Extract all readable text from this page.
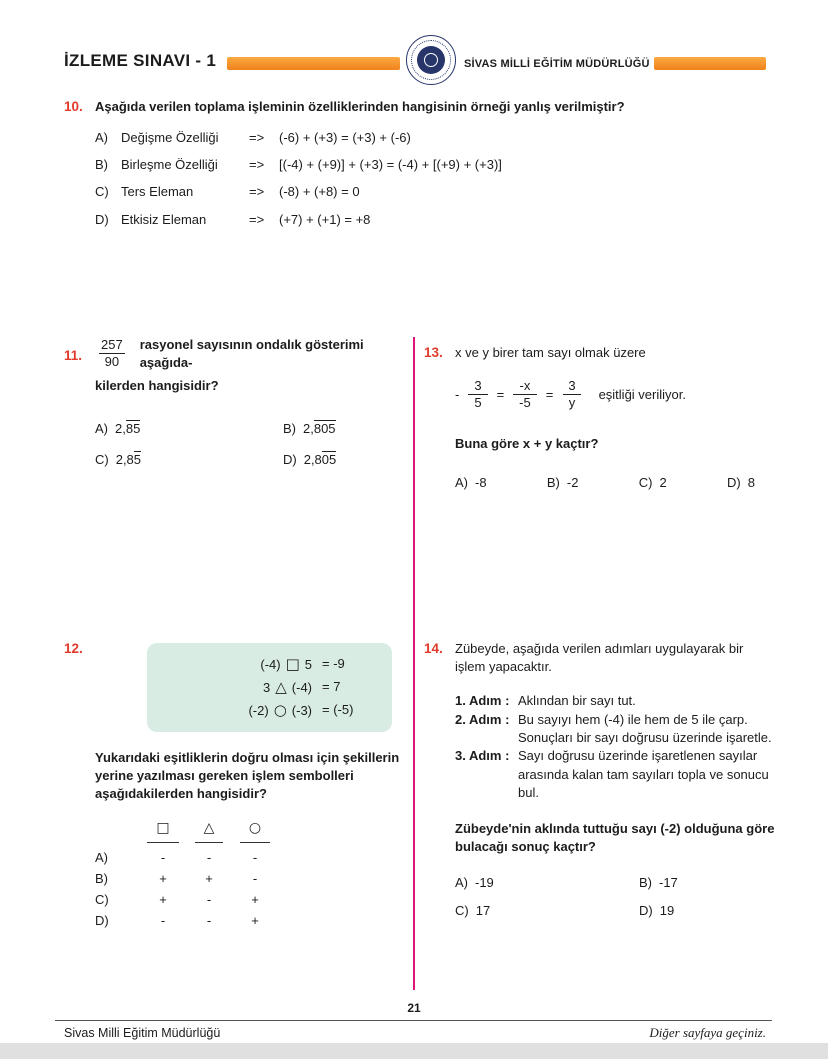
İZLEME SINAVI - 1	SİVAS MİLLİ EĞİTİM MÜDÜRLÜĞÜ
10. Aşağıda verilen toplama işleminin özelliklerinden hangisinin örneği yanlış verilmiştir?
A)	Değişme Özelliği	=>	(-6) + (+3) = (+3) + (-6)
B)	Birleşme Özelliği	=>	[(-4) + (+9)] + (+3) = (-4) + [(+9) + (+3)]
C) Ters Eleman	=>	(-8) + (+8) = 0
D) Etkisiz Eleman	=>	(+7) + (+1) = +8
11. $\frac{257}{90}$ rasyonel sayısının ondalık gösterimi aşağıda-
kilerden hangisidir?
A) 2,85	B) 2,805
C) 2,85	D) 2,805
13. x ve y birer tam sayı olmak üzere
- $\frac{3}{5} = \frac{-x}{-5} = \frac{3}{y}$ eşitliği veriliyor.
Buna göre x + y kaçtır?
A) -8	B) -2	C) 2	D) 8
12.
(-4) □ 5 = -9
3 △ (-4) = 7
(-2) ○ (-3) = (-5)
Yukarıdaki eşitliklerin doğru olması için şekillerin yerine yazılması gereken işlem sembolleri aşağıdakilerden hangisidir?
□	△	○
A)	-	-	-
B)	+	+	-
C)	+	-	+
D)	-	-	+
14. Zübeyde, aşağıda verilen adımları uygulayarak bir işlem yapacaktır.
1. Adım : Aklından bir sayı tut.
2. Adım : Bu sayıyı hem (-4) ile hem de 5 ile çarp. Sonuçları bir sayı doğrusu üzerinde işaretle.
3. Adım : Sayı doğrusu üzerinde işaretlenen sayılar arasında kalan tam sayıları topla ve sonucu bul.
Zübeyde'nin aklında tuttuğu sayı (-2) olduğuna göre bulacağı sonuç kaçtır?
A) -19	B) -17
C) 17	D) 19
21
Sivas Milli Eğitim Müdürlüğü	Diğer sayfaya geçiniz.
